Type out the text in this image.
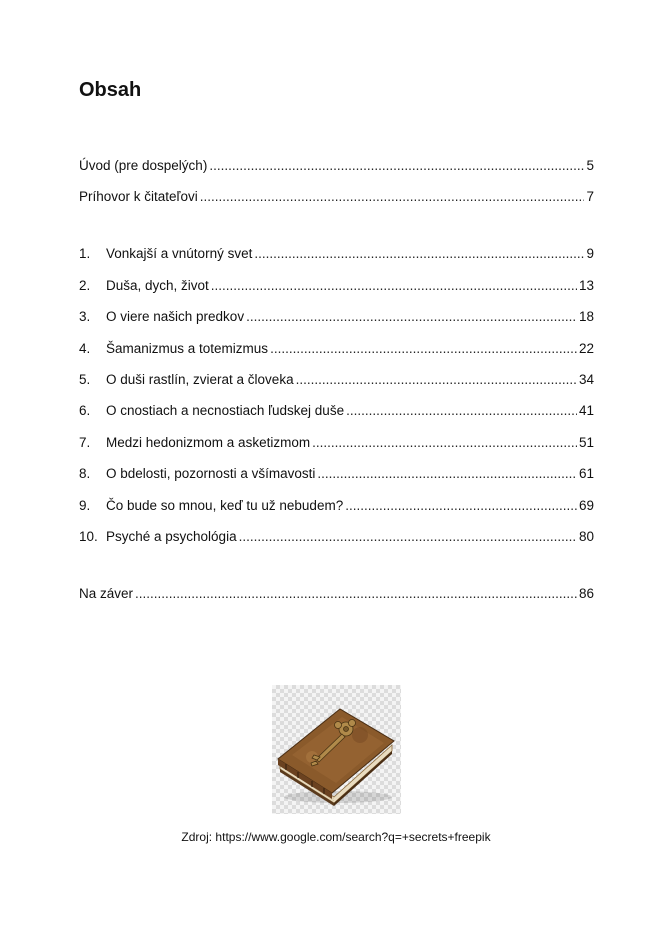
Obsah
Úvod (pre dospelých) .....	5
Príhovor k čitateľovi .....	7
1.	Vonkajší a vnútorný svet .....	9
2.	Duša, dych, život .....	13
3.	O viere našich predkov .....	18
4.	Šamanizmus a totemizmus .....	22
5.	O duši rastlín, zvierat a človeka .....	34
6.	O cnostiach a necnostiach ľudskej duše .....	41
7.	Medzi hedonizmom a asketizmom .....	51
8.	O bdelosti, pozornosti a všímavosti .....	61
9.	Čo bude so mnou, keď tu už nebudem? .....	69
10. Psyché a psychológia .....	80
Na záver .....	86
Zdroj: https://www.google.com/search?q=+secrets+freepik
